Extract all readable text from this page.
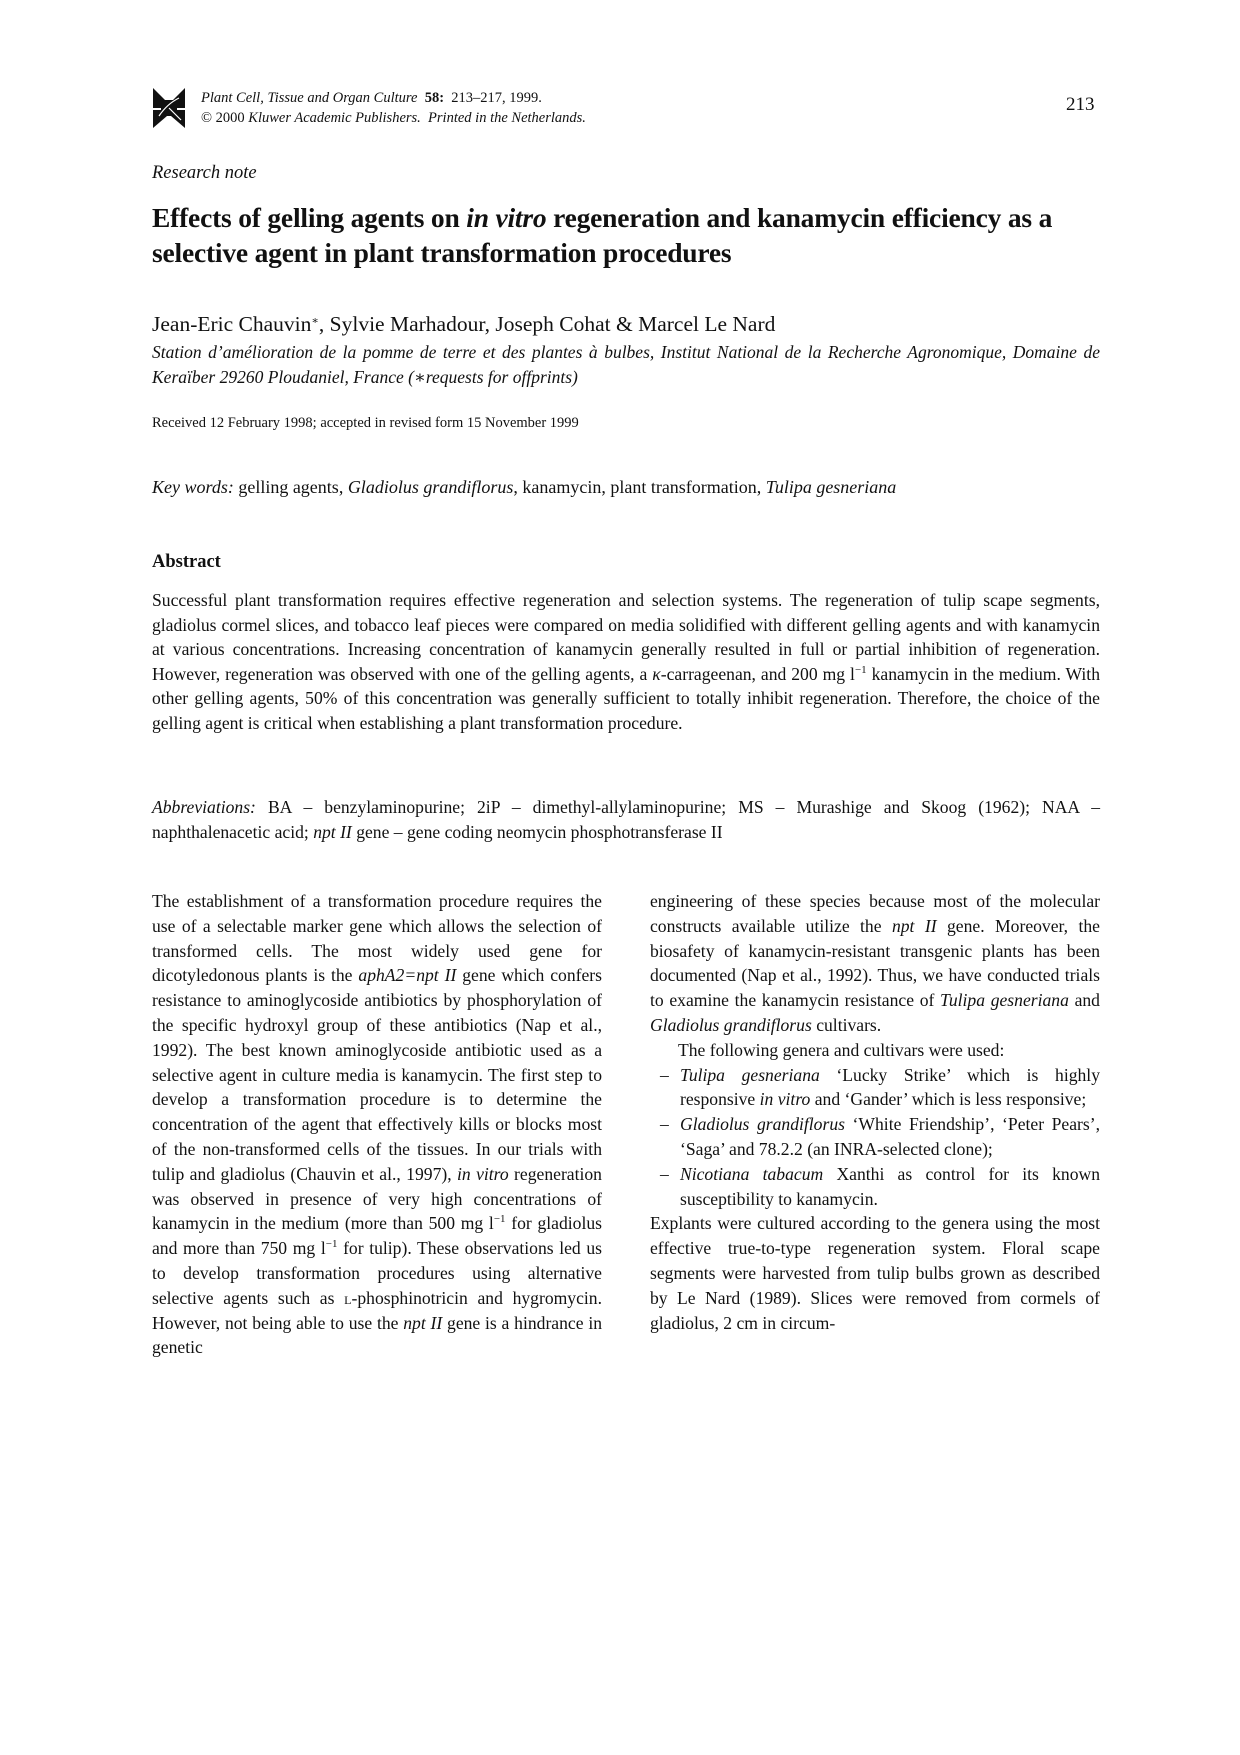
Plant Cell, Tissue and Organ Culture 58: 213–217, 1999.
© 2000 Kluwer Academic Publishers. Printed in the Netherlands.
213
Research note
Effects of gelling agents on in vitro regeneration and kanamycin efficiency as a selective agent in plant transformation procedures
Jean-Eric Chauvin∗, Sylvie Marhadour, Joseph Cohat & Marcel Le Nard
Station d’amélioration de la pomme de terre et des plantes à bulbes, Institut National de la Recherche Agronomique, Domaine de Keraïber 29260 Ploudaniel, France (∗requests for offprints)
Received 12 February 1998; accepted in revised form 15 November 1999
Key words: gelling agents, Gladiolus grandiflorus, kanamycin, plant transformation, Tulipa gesneriana
Abstract
Successful plant transformation requires effective regeneration and selection systems. The regeneration of tulip scape segments, gladiolus cormel slices, and tobacco leaf pieces were compared on media solidified with different gelling agents and with kanamycin at various concentrations. Increasing concentration of kanamycin generally resulted in full or partial inhibition of regeneration. However, regeneration was observed with one of the gelling agents, a κ-carrageenan, and 200 mg $l^{-1}$ kanamycin in the medium. With other gelling agents, 50% of this concentration was generally sufficient to totally inhibit regeneration. Therefore, the choice of the gelling agent is critical when establishing a plant transformation procedure.
Abbreviations: BA – benzylaminopurine; 2iP – dimethyl-allylaminopurine; MS – Murashige and Skoog (1962); NAA – naphthalenacetic acid; npt II gene – gene coding neomycin phosphotransferase II

The establishment of a transformation procedure requires the use of a selectable marker gene which allows the selection of transformed cells. The most widely used gene for dicotyledonous plants is the aphA2=npt II gene which confers resistance to aminoglycoside antibiotics by phosphorylation of the specific hydroxyl group of these antibiotics (Nap et al., 1992). The best known aminoglycoside antibiotic used as a selective agent in culture media is kanamycin. The first step to develop a transformation procedure is to determine the concentration of the agent that effectively kills or blocks most of the non-transformed cells of the tissues. In our trials with tulip and gladiolus (Chauvin et al., 1997), in vitro regeneration was observed in presence of very high concentrations of kanamycin in the medium (more than 500 mg $l^{-1}$ for gladiolus and more than 750 mg $l^{-1}$ for tulip). These observations led us to develop transformation procedures using alternative selective agents such as l-phosphinotricin and hygromycin. However, not being able to use the npt II gene is a hindrance in genetic

engineering of these species because most of the molecular constructs available utilize the npt II gene. Moreover, the biosafety of kanamycin-resistant transgenic plants has been documented (Nap et al., 1992). Thus, we have conducted trials to examine the kanamycin resistance of Tulipa gesneriana and Gladiolus grandiflorus cultivars.

The following genera and cultivars were used:

– Tulipa gesneriana ‘Lucky Strike’ which is highly responsive in vitro and ‘Gander’ which is less responsive;

– Gladiolus grandiflorus ‘White Friendship’, ‘Peter Pears’, ‘Saga’ and 78.2.2 (an INRA-selected clone);

– Nicotiana tabacum Xanthi as control for its known susceptibility to kanamycin.

Explants were cultured according to the genera using the most effective true-to-type regeneration system. Floral scape segments were harvested from tulip bulbs grown as described by Le Nard (1989). Slices were removed from cormels of gladiolus, 2 cm in circum-
